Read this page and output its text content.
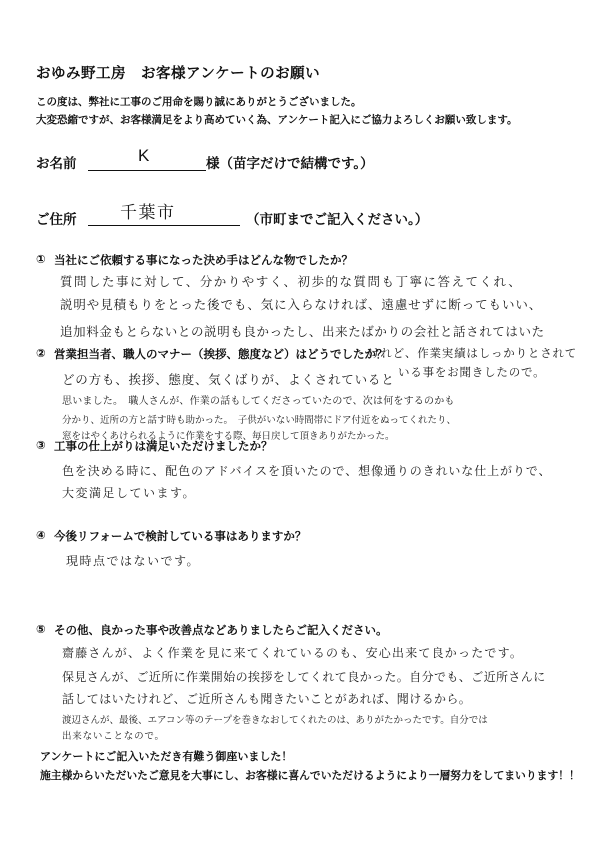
おゆみ野工房　お客様アンケートのお願い
この度は、弊社に工事のご用命を賜り誠にありがとうございました。
大変恐縮ですが、お客様満足をより高めていく為、アンケート記入にご協力よろしくお願い致します。
お名前	K	様（苗字だけで結構です。）
ご住所	千葉市	（市町までご記入ください。）
① 当社にご依頼する事になった決め手はどんな物でしたか？
質問した事に対して、分かりやすく、初歩的な質問も丁寧に答えてくれ、
説明や見積もりをとった後でも、気に入らなければ、遠慮せずに断ってもいい、
追加料金もとらないとの説明も良かったし、出来たばかりの会社と話されてはいた
② 営業担当者、職人のマナー（挨拶、態度など）はどうでしたか？
けれど、作業実績はしっかりとされて
いる事をお聞きしたので。
どの方も、挨拶、態度、気くばりが、よくされていると
思いました。　職人さんが、作業の話もしてくださっていたので、次は何をするのかも
分かり、近所の方と話す時も助かった。　子供がいない時間帯にドア付近をぬってくれたり、
窓をはやくあけられるように作業をする際、毎日戻して頂きありがたかった。
③ 工事の仕上がりは満足いただけましたか？
色を決める時に、配色のアドバイスを頂いたので、想像通りのきれいな仕上がりで、
大変満足しています。
④ 今後リフォームで検討している事はありますか？
現時点ではないです。
⑤ その他、良かった事や改善点などありましたらご記入ください。
齋藤さんが、よく作業を見に来てくれているのも、安心出来て良かったです。
保見さんが、ご近所に作業開始の挨拶をしてくれて良かった。自分でも、ご近所さんに
話してはいたけれど、ご近所さんも聞きたいことがあれば、聞けるから。
渡辺さんが、最後、エアコン等のテープを巻きなおしてくれたのは、ありがたかったです。自分では
出来ないことなので。
アンケートにご記入いただき有難う御座いました！
施主様からいただいたご意見を大事にし、お客様に喜んでいただけるようにより一層努力をしてまいります！！
